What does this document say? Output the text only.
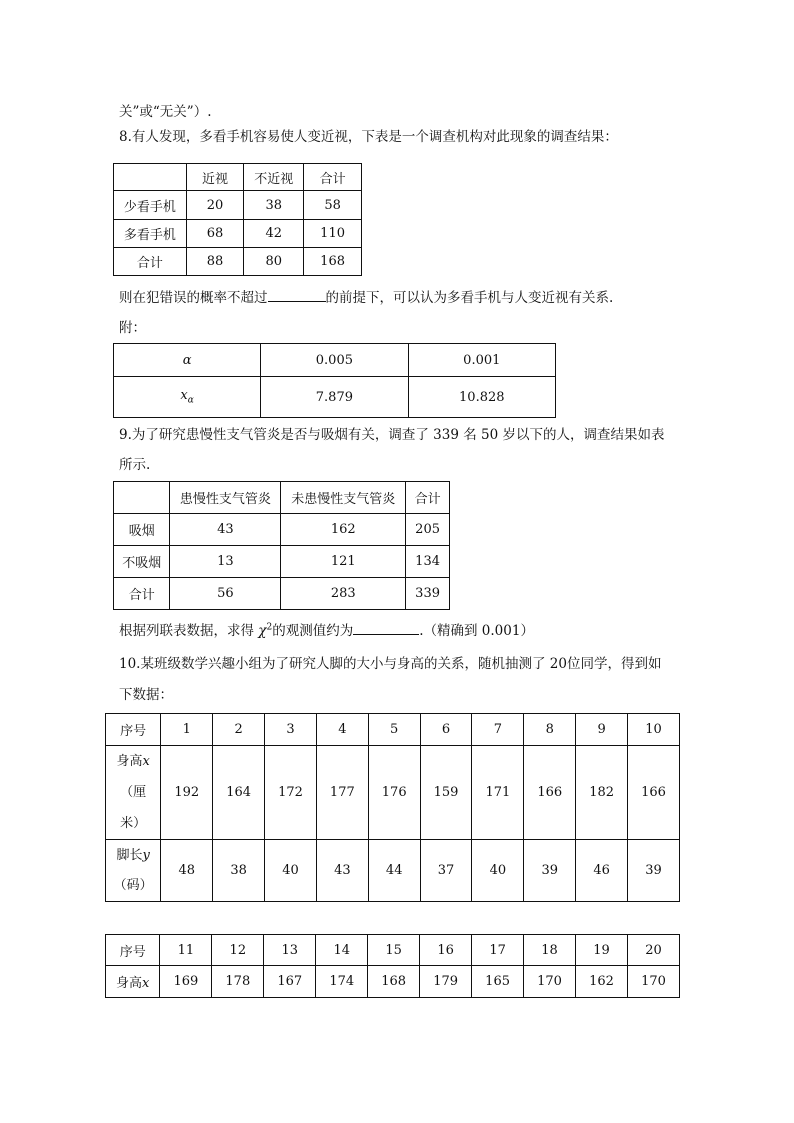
关”或“无关”）.
8.有人发现，多看手机容易使人变近视，下表是一个调查机构对此现象的调查结果：
	近视	不近视	合计
少看手机	20	38	58
多看手机	68	42	110
合计	88	80	168
则在犯错误的概率不超过	的前提下，可以认为多看手机与人变近视有关系.
附：
α	0.005	0.001
$x_\alpha$	7.879	10.828
9.为了研究患慢性支气管炎是否与吸烟有关，调查了 339 名 50 岁以下的人，调查结果如表
所示.
	患慢性支气管炎	未患慢性支气管炎	合计
吸烟	43	162	205
不吸烟	13	121	134
合计	56	283	339
根据列联表数据，求得 $\chi^2$的观测值约为	.（精确到 0.001）
10.某班级数学兴趣小组为了研究人脚的大小与身高的关系，随机抽测了 20位同学，得到如
下数据：
序号	1	2	3	4	5	6	7	8	9	10

身高x
（厘
米）	192	164	172	177	176	159	171	166	182	166

脚长y
（码）	48	38	40	43	44	37	40	39	46	39
序号	11	12	13	14	15	16	17	18	19	20
身高x	169	178	167	174	168	179	165	170	162	170
